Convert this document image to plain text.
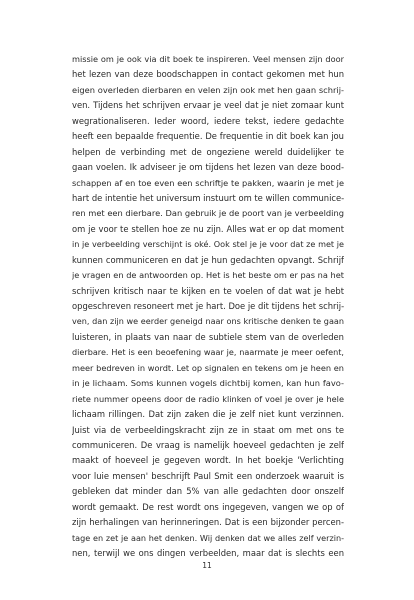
missie om je ook via dit boek te inspireren. Veel mensen zijn door
het lezen van deze boodschappen in contact gekomen met hun
eigen overleden dierbaren en velen zijn ook met hen gaan schrij-
ven. Tijdens het schrijven ervaar je veel dat je niet zomaar kunt
wegrationaliseren. Ieder woord, iedere tekst, iedere gedachte
heeft een bepaalde frequentie. De frequentie in dit boek kan jou
helpen de verbinding met de ongeziene wereld duidelijker te
gaan voelen. Ik adviseer je om tijdens het lezen van deze bood-
schappen af en toe even een schriftje te pakken, waarin je met je
hart de intentie het universum instuurt om te willen communice-
ren met een dierbare. Dan gebruik je de poort van je verbeelding
om je voor te stellen hoe ze nu zijn. Alles wat er op dat moment
in je verbeelding verschijnt is oké. Ook stel je je voor dat ze met je
kunnen communiceren en dat je hun gedachten opvangt. Schrijf
je vragen en de antwoorden op. Het is het beste om er pas na het
schrijven kritisch naar te kijken en te voelen of dat wat je hebt
opgeschreven resoneert met je hart. Doe je dit tijdens het schrij-
ven, dan zijn we eerder geneigd naar ons kritische denken te gaan
luisteren, in plaats van naar de subtiele stem van de overleden
dierbare. Het is een beoefening waar je, naarmate je meer oefent,
meer bedreven in wordt. Let op signalen en tekens om je heen en
in je lichaam. Soms kunnen vogels dichtbij komen, kan hun favo-
riete nummer opeens door de radio klinken of voel je over je hele
lichaam rillingen. Dat zijn zaken die je zelf niet kunt verzinnen.
Juist via de verbeeldingskracht zijn ze in staat om met ons te
communiceren. De vraag is namelijk hoeveel gedachten je zelf
maakt of hoeveel je gegeven wordt. In het boekje 'Verlichting
voor luie mensen' beschrijft Paul Smit een onderzoek waaruit is
gebleken dat minder dan 5% van alle gedachten door onszelf
wordt gemaakt. De rest wordt ons ingegeven, vangen we op of
zijn herhalingen van herinneringen. Dat is een bijzonder percen-
tage en zet je aan het denken. Wij denken dat we alles zelf verzin-
nen, terwijl we ons dingen verbeelden, maar dat is slechts een
11
